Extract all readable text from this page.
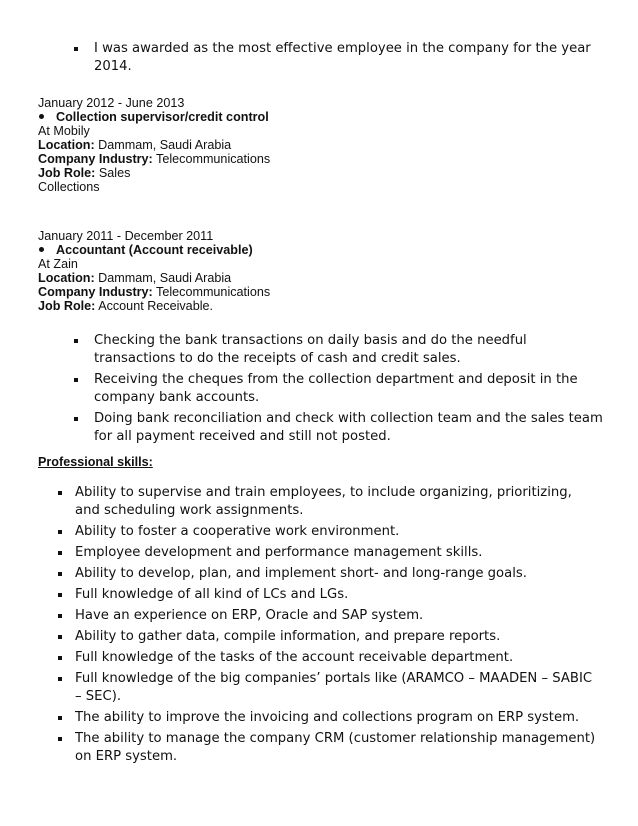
I was awarded as the most effective employee in the company for the year 2014.
January 2012 - June 2013
Collection supervisor/credit control
At Mobily
Location: Dammam, Saudi Arabia
Company Industry: Telecommunications
Job Role: Sales
Collections
January 2011 - December 2011
Accountant (Account receivable)
At Zain
Location: Dammam, Saudi Arabia
Company Industry: Telecommunications
Job Role: Account Receivable.
Checking the bank transactions on daily basis and do the needful transactions to do the receipts of cash and credit sales.
Receiving the cheques from the collection department and deposit in the company bank accounts.
Doing bank reconciliation and check with collection team and the sales team for all payment received and still not posted.
Professional skills:
Ability to supervise and train employees, to include organizing, prioritizing, and scheduling work assignments.
Ability to foster a cooperative work environment.
Employee development and performance management skills.
Ability to develop, plan, and implement short- and long-range goals.
Full knowledge of all kind of LCs and LGs.
Have an experience on ERP, Oracle and SAP system.
Ability to gather data, compile information, and prepare reports.
Full knowledge of the tasks of the account receivable department.
Full knowledge of the big companies’ portals like (ARAMCO – MAADEN – SABIC – SEC).
The ability to improve the invoicing and collections program on ERP system.
The ability to manage the company CRM (customer relationship management) on ERP system.
